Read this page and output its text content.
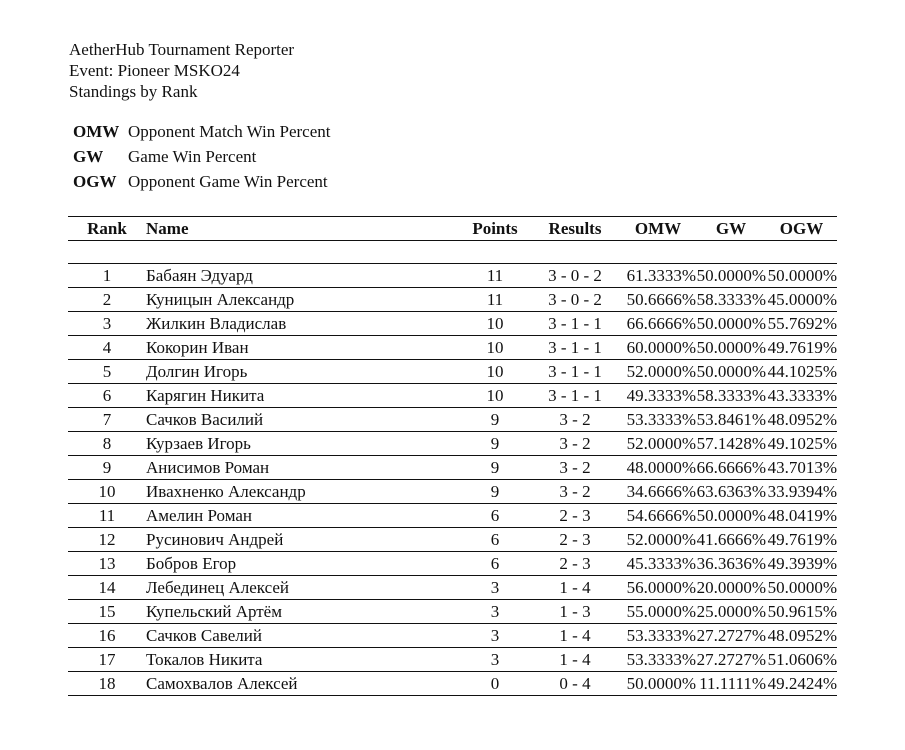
AetherHub Tournament Reporter
Event: Pioneer MSKO24
Standings by Rank
OMW Opponent Match Win Percent
GW Game Win Percent
OGW Opponent Game Win Percent
Rank	Name	Points	Results	OMW	GW	OGW

1	Бабаян Эдуард	11	3 - 0 - 2	61.3333%	50.0000%	50.0000%
2	Куницын Александр	11	3 - 0 - 2	50.6666%	58.3333%	45.0000%
3	Жилкин Владислав	10	3 - 1 - 1	66.6666%	50.0000%	55.7692%
4	Кокорин Иван	10	3 - 1 - 1	60.0000%	50.0000%	49.7619%
5	Долгин Игорь	10	3 - 1 - 1	52.0000%	50.0000%	44.1025%
6	Карягин Никита	10	3 - 1 - 1	49.3333%	58.3333%	43.3333%
7	Сачков Василий	9	3 - 2	53.3333%	53.8461%	48.0952%
8	Курзаев Игорь	9	3 - 2	52.0000%	57.1428%	49.1025%
9	Анисимов Роман	9	3 - 2	48.0000%	66.6666%	43.7013%
10	Ивахненко Александр	9	3 - 2	34.6666%	63.6363%	33.9394%
11	Амелин Роман	6	2 - 3	54.6666%	50.0000%	48.0419%
12	Русинович Андрей	6	2 - 3	52.0000%	41.6666%	49.7619%
13	Бобров Егор	6	2 - 3	45.3333%	36.3636%	49.3939%
14	Лебединец Алексей	3	1 - 4	56.0000%	20.0000%	50.0000%
15	Купельский Артём	3	1 - 3	55.0000%	25.0000%	50.9615%
16	Сачков Савелий	3	1 - 4	53.3333%	27.2727%	48.0952%
17	Токалов Никита	3	1 - 4	53.3333%	27.2727%	51.0606%
18	Самохвалов Алексей	0	0 - 4	50.0000%	11.1111%	49.2424%
